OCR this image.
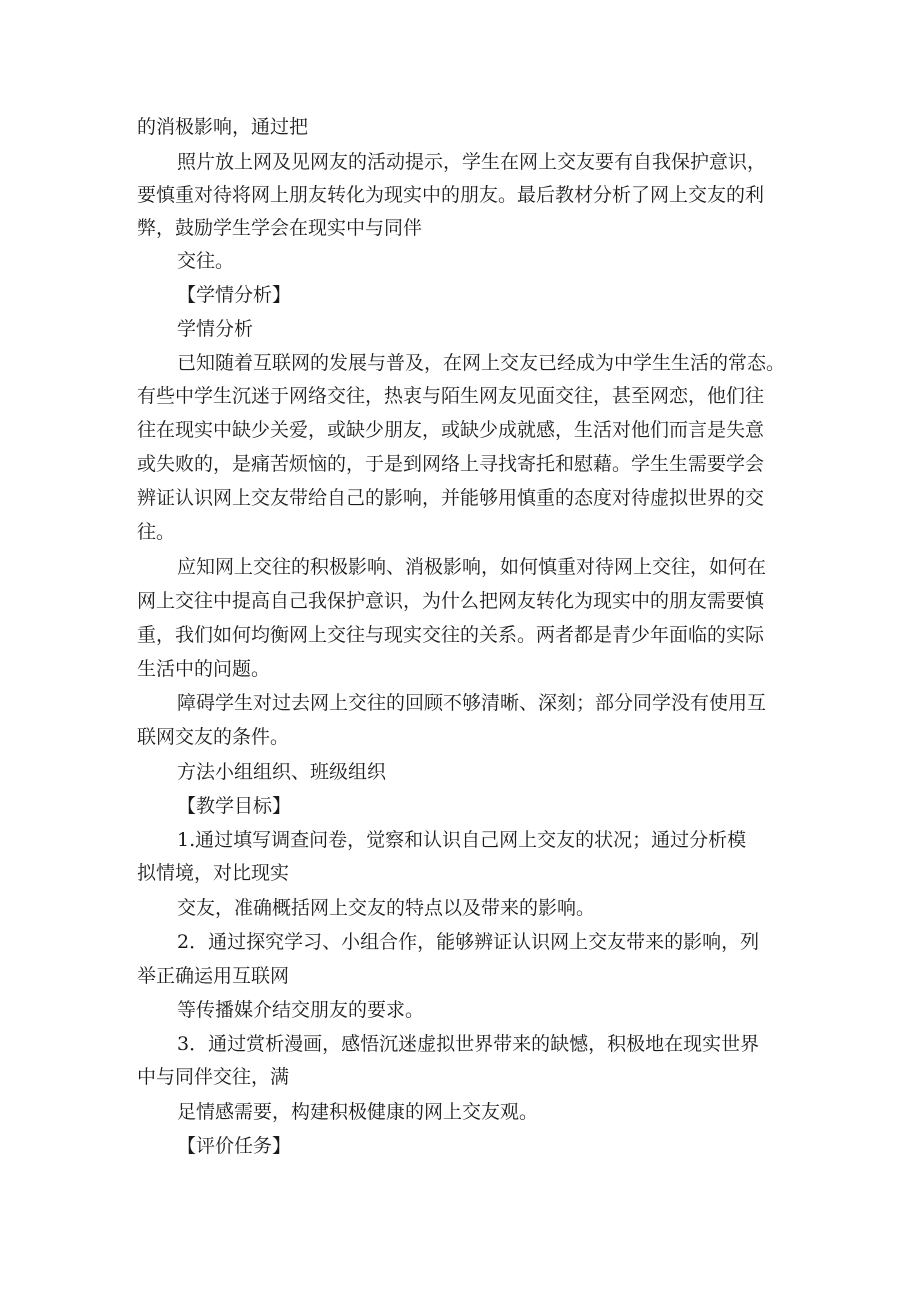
的消极影响，通过把

照片放上网及见网友的活动提示，学生在网上交友要有自我保护意识，

要慎重对待将网上朋友转化为现实中的朋友。最后教材分析了网上交友的利

弊，鼓励学生学会在现实中与同伴

交往。

【学情分析】

学情分析

已知随着互联网的发展与普及，在网上交友已经成为中学生生活的常态。

有些中学生沉迷于网络交往，热衷与陌生网友见面交往，甚至网恋，他们往

往在现实中缺少关爱，或缺少朋友，或缺少成就感，生活对他们而言是失意

或失败的，是痛苦烦恼的，于是到网络上寻找寄托和慰藉。学生生需要学会

辨证认识网上交友带给自己的影响，并能够用慎重的态度对待虚拟世界的交

往。

应知网上交往的积极影响、消极影响，如何慎重对待网上交往，如何在

网上交往中提高自己我保护意识，为什么把网友转化为现实中的朋友需要慎

重，我们如何均衡网上交往与现实交往的关系。两者都是青少年面临的实际

生活中的问题。

障碍学生对过去网上交往的回顾不够清晰、深刻；部分同学没有使用互

联网交友的条件。

方法小组组织、班级组织

【教学目标】

1.通过填写调查问卷，觉察和认识自己网上交友的状况；通过分析模

拟情境，对比现实

交友，准确概括网上交友的特点以及带来的影响。

2．通过探究学习、小组合作，能够辨证认识网上交友带来的影响，列

举正确运用互联网

等传播媒介结交朋友的要求。

3．通过赏析漫画，感悟沉迷虚拟世界带来的缺憾，积极地在现实世界

中与同伴交往，满

足情感需要，构建积极健康的网上交友观。

【评价任务】
